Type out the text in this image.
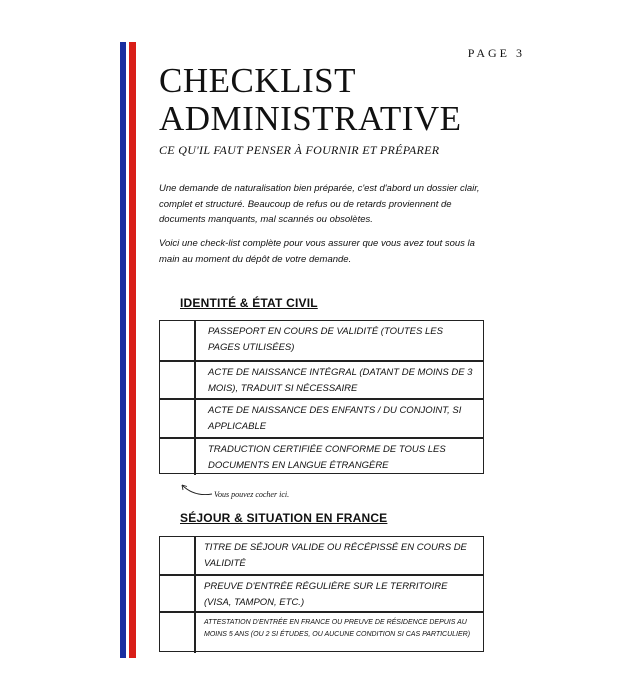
PAGE 3
CHECKLIST
ADMINISTRATIVE
CE QU'IL FAUT PENSER À FOURNIR ET PRÉPARER

Une demande de naturalisation bien préparée, c'est d'abord un dossier clair, complet et structuré. Beaucoup de refus ou de retards proviennent de documents manquants, mal scannés ou obsolètes.

Voici une check-list complète pour vous assurer que vous avez tout sous la main au moment du dépôt de votre demande.

IDENTITÉ & ÉTAT CIVIL
PASSEPORT EN COURS DE VALIDITÉ (TOUTES LES PAGES UTILISÉES)
ACTE DE NAISSANCE INTÉGRAL (DATANT DE MOINS DE 3 MOIS), TRADUIT SI NÉCESSAIRE
ACTE DE NAISSANCE DES ENFANTS / DU CONJOINT, SI APPLICABLE
TRADUCTION CERTIFIÉE CONFORME DE TOUS LES DOCUMENTS EN LANGUE ÉTRANGÈRE
Vous pouvez cocher ici.
SÉJOUR & SITUATION EN FRANCE
TITRE DE SÉJOUR VALIDE OU RÉCÉPISSÉ EN COURS DE VALIDITÉ
PREUVE D'ENTRÉE RÉGULIÈRE SUR LE TERRITOIRE (VISA, TAMPON, ETC.)
ATTESTATION D'ENTRÉE EN FRANCE OU PREUVE DE RÉSIDENCE DEPUIS AU MOINS 5 ANS (OU 2 SI ÉTUDES, OU AUCUNE CONDITION SI CAS PARTICULIER)
